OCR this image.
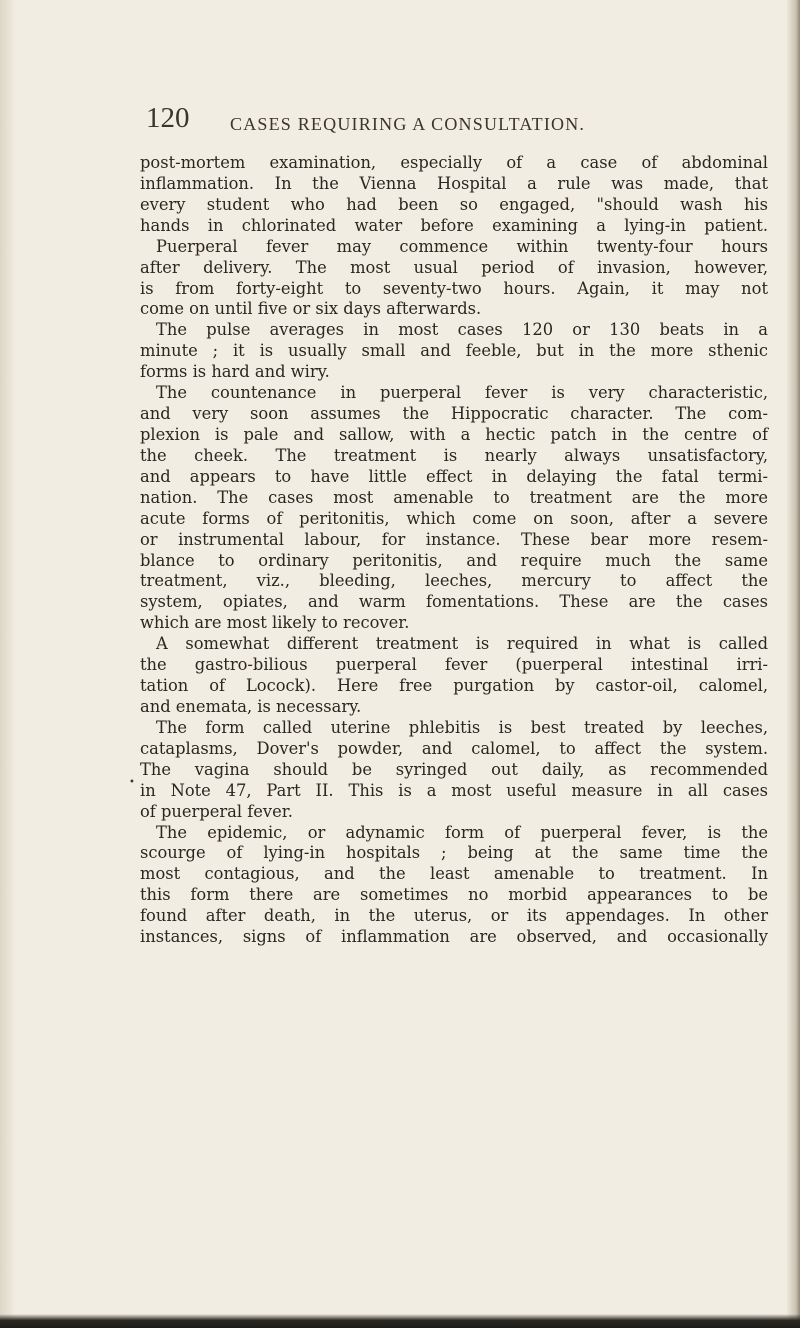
120 CASES REQUIRING A CONSULTATION.
•
post-mortem examination, especially of a case of abdominal
inflammation. In the Vienna Hospital a rule was made, that
every student who had been so engaged, "should wash his
hands in chlorinated water before examining a lying-in patient.
Puerperal fever may commence within twenty-four hours
after delivery. The most usual period of invasion, however,
is from forty-eight to seventy-two hours. Again, it may not
come on until five or six days afterwards.
The pulse averages in most cases 120 or 130 beats in a
minute ; it is usually small and feeble, but in the more sthenic
forms is hard and wiry.
The countenance in puerperal fever is very characteristic,
and very soon assumes the Hippocratic character. The com-
plexion is pale and sallow, with a hectic patch in the centre of
the cheek. The treatment is nearly always unsatisfactory,
and appears to have little effect in delaying the fatal termi-
nation. The cases most amenable to treatment are the more
acute forms of peritonitis, which come on soon, after a severe
or instrumental labour, for instance. These bear more resem-
blance to ordinary peritonitis, and require much the same
treatment, viz., bleeding, leeches, mercury to affect the
system, opiates, and warm fomentations. These are the cases
which are most likely to recover.
A somewhat different treatment is required in what is called
the gastro-bilious puerperal fever (puerperal intestinal irri-
tation of Locock). Here free purgation by castor-oil, calomel,
and enemata, is necessary.
The form called uterine phlebitis is best treated by leeches,
cataplasms, Dover's powder, and calomel, to affect the system.
The vagina should be syringed out daily, as recommended
in Note 47, Part II. This is a most useful measure in all cases
of puerperal fever.
The epidemic, or adynamic form of puerperal fever, is the
scourge of lying-in hospitals ; being at the same time the
most contagious, and the least amenable to treatment. In
this form there are sometimes no morbid appearances to be
found after death, in the uterus, or its appendages. In other
instances, signs of inflammation are observed, and occasionally
